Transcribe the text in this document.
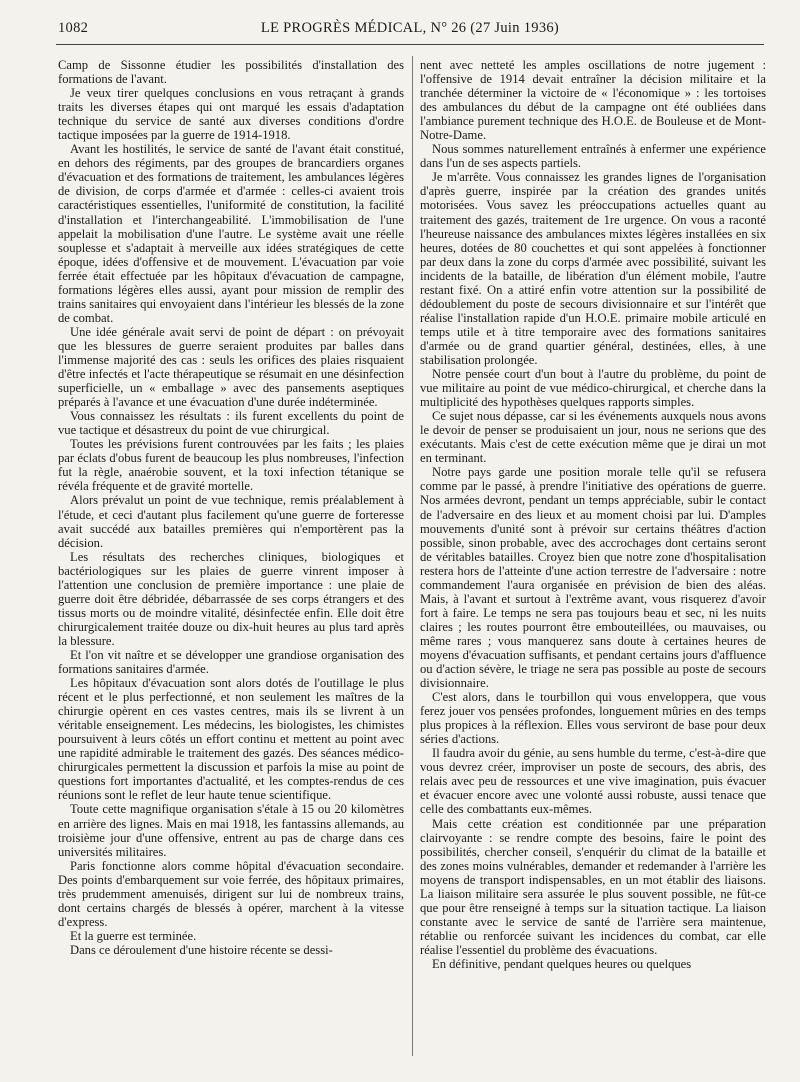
1082	LE PROGRÈS MÉDICAL, N° 26 (27 Juin 1936)

Camp de Sissonne étudier les possibilités d'installation des formations de l'avant.

Je veux tirer quelques conclusions en vous retraçant à grands traits les diverses étapes qui ont marqué les essais d'adaptation technique du service de santé aux diverses conditions d'ordre tactique imposées par la guerre de 1914-1918.

Avant les hostilités, le service de santé de l'avant était constitué, en dehors des régiments, par des groupes de brancardiers organes d'évacuation et des formations de traitement, les ambulances légères de division, de corps d'armée et d'armée : celles-ci avaient trois caractéristiques essentielles, l'uniformité de constitution, la facilité d'installation et l'interchangeabilité. L'immobilisation de l'une appelait la mobilisation d'une l'autre. Le système avait une réelle souplesse et s'adaptait à merveille aux idées stratégiques de cette époque, idées d'offensive et de mouvement. L'évacuation par voie ferrée était effectuée par les hôpitaux d'évacuation de campagne, formations légères elles aussi, ayant pour mission de remplir des trains sanitaires qui envoyaient dans l'intérieur les blessés de la zone de combat.

Une idée générale avait servi de point de départ : on prévoyait que les blessures de guerre seraient produites par balles dans l'immense majorité des cas : seuls les orifices des plaies risquaient d'être infectés et l'acte thérapeutique se résumait en une désinfection superficielle, un « emballage » avec des pansements aseptiques préparés à l'avance et une évacuation d'une durée indéterminée.

Vous connaissez les résultats : ils furent excellents du point de vue tactique et désastreux du point de vue chirurgical.

Toutes les prévisions furent controuvées par les faits ; les plaies par éclats d'obus furent de beaucoup les plus nombreuses, l'infection fut la règle, anaérobie souvent, et la toxi infection tétanique se révéla fréquente et de gravité mortelle.

Alors prévalut un point de vue technique, remis préalablement à l'étude, et ceci d'autant plus facilement qu'une guerre de forteresse avait succédé aux batailles premières qui n'emportèrent pas la décision.

Les résultats des recherches cliniques, biologiques et bactériologiques sur les plaies de guerre vinrent imposer à l'attention une conclusion de première importance : une plaie de guerre doit être débridée, débarrassée de ses corps étrangers et des tissus morts ou de moindre vitalité, désinfectée enfin. Elle doit être chirurgicalement traitée douze ou dix-huit heures au plus tard après la blessure.

Et l'on vit naître et se développer une grandiose organisation des formations sanitaires d'armée.

Les hôpitaux d'évacuation sont alors dotés de l'outillage le plus récent et le plus perfectionné, et non seulement les maîtres de la chirurgie opèrent en ces vastes centres, mais ils se livrent à un véritable enseignement. Les médecins, les biologistes, les chimistes poursuivent à leurs côtés un effort continu et mettent au point avec une rapidité admirable le traitement des gazés. Des séances médico-chirurgicales permettent la discussion et parfois la mise au point de questions fort importantes d'actualité, et les comptes-rendus de ces réunions sont le reflet de leur haute tenue scientifique.

Toute cette magnifique organisation s'étale à 15 ou 20 kilomètres en arrière des lignes. Mais en mai 1918, les fantassins allemands, au troisième jour d'une offensive, entrent au pas de charge dans ces universités militaires.

Paris fonctionne alors comme hôpital d'évacuation secondaire. Des points d'embarquement sur voie ferrée, des hôpitaux primaires, très prudemment amenuisés, dirigent sur lui de nombreux trains, dont certains chargés de blessés à opérer, marchent à la vitesse d'express.

Et la guerre est terminée.

Dans ce déroulement d'une histoire récente se dessi-

nent avec netteté les amples oscillations de notre jugement : l'offensive de 1914 devait entraîner la décision militaire et la tranchée déterminer la victoire de « l'économique » : les tortoises des ambulances du début de la campagne ont été oubliées dans l'ambiance purement technique des H.O.E. de Bouleuse et de Mont-Notre-Dame.

Nous sommes naturellement entraînés à enfermer une expérience dans l'un de ses aspects partiels.

Je m'arrête. Vous connaissez les grandes lignes de l'organisation d'après guerre, inspirée par la création des grandes unités motorisées. Vous savez les préoccupations actuelles quant au traitement des gazés, traitement de 1re urgence. On vous a raconté l'heureuse naissance des ambulances mixtes légères installées en six heures, dotées de 80 couchettes et qui sont appelées à fonctionner par deux dans la zone du corps d'armée avec possibilité, suivant les incidents de la bataille, de libération d'un élément mobile, l'autre restant fixé. On a attiré enfin votre attention sur la possibilité de dédoublement du poste de secours divisionnaire et sur l'intérêt que réalise l'installation rapide d'un H.O.E. primaire mobile articulé en temps utile et à titre temporaire avec des formations sanitaires d'armée ou de grand quartier général, destinées, elles, à une stabilisation prolongée.

Notre pensée court d'un bout à l'autre du problème, du point de vue militaire au point de vue médico-chirurgical, et cherche dans la multiplicité des hypothèses quelques rapports simples.

Ce sujet nous dépasse, car si les événements auxquels nous avons le devoir de penser se produisaient un jour, nous ne serions que des exécutants. Mais c'est de cette exécution même que je dirai un mot en terminant.

Notre pays garde une position morale telle qu'il se refusera comme par le passé, à prendre l'initiative des opérations de guerre. Nos armées devront, pendant un temps appréciable, subir le contact de l'adversaire en des lieux et au moment choisi par lui. D'amples mouvements d'unité sont à prévoir sur certains théâtres d'action possible, sinon probable, avec des accrochages dont certains seront de véritables batailles. Croyez bien que notre zone d'hospitalisation restera hors de l'atteinte d'une action terrestre de l'adversaire : notre commandement l'aura organisée en prévision de bien des aléas. Mais, à l'avant et surtout à l'extrême avant, vous risquerez d'avoir fort à faire. Le temps ne sera pas toujours beau et sec, ni les nuits claires ; les routes pourront être embouteillées, ou mauvaises, ou même rares ; vous manquerez sans doute à certaines heures de moyens d'évacuation suffisants, et pendant certains jours d'affluence ou d'action sévère, le triage ne sera pas possible au poste de secours divisionnaire.

C'est alors, dans le tourbillon qui vous enveloppera, que vous ferez jouer vos pensées profondes, longuement mûries en des temps plus propices à la réflexion. Elles vous serviront de base pour deux séries d'actions.

Il faudra avoir du génie, au sens humble du terme, c'est-à-dire que vous devrez créer, improviser un poste de secours, des abris, des relais avec peu de ressources et une vive imagination, puis évacuer et évacuer encore avec une volonté aussi robuste, aussi tenace que celle des combattants eux-mêmes.

Mais cette création est conditionnée par une préparation clairvoyante : se rendre compte des besoins, faire le point des possibilités, chercher conseil, s'enquérir du climat de la bataille et des zones moins vulnérables, demander et redemander à l'arrière les moyens de transport indispensables, en un mot établir des liaisons. La liaison militaire sera assurée le plus souvent possible, ne fût-ce que pour être renseigné à temps sur la situation tactique. La liaison constante avec le service de santé de l'arrière sera maintenue, rétablie ou renforcée suivant les incidences du combat, car elle réalise l'essentiel du problème des évacuations.

En définitive, pendant quelques heures ou quelques
